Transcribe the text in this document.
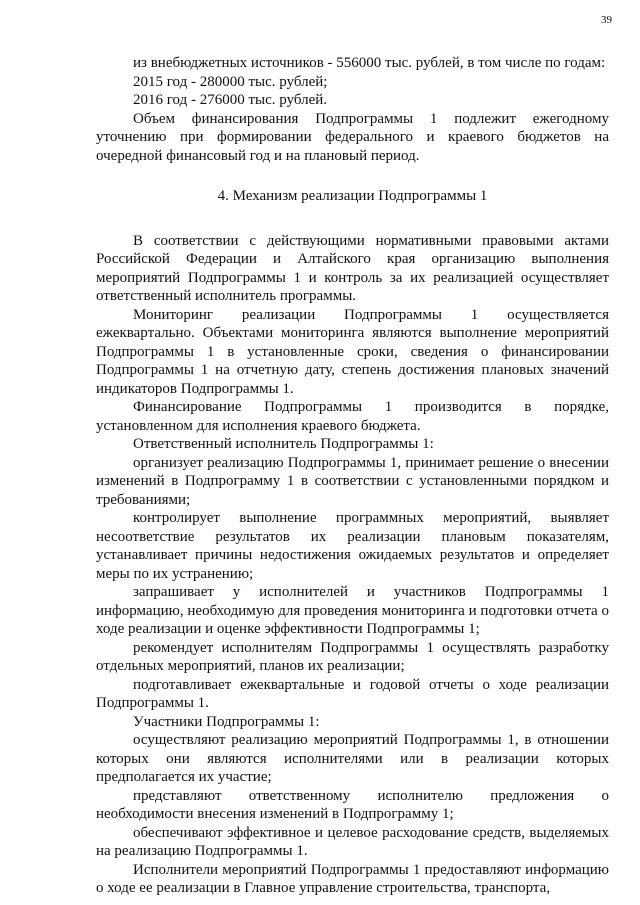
39

из внебюджетных источников - 556000 тыс. рублей, в том числе по годам:

2015 год - 280000 тыс. рублей;

2016 год - 276000 тыс. рублей.

Объем финансирования Подпрограммы 1 подлежит ежегодному уточнению при формировании федерального и краевого бюджетов на очередной финансовый год и на плановый период.

4. Механизм реализации Подпрограммы 1

В соответствии с действующими нормативными правовыми актами Российской Федерации и Алтайского края организацию выполнения мероприятий Подпрограммы 1 и контроль за их реализацией осуществляет ответственный исполнитель программы.

Мониторинг реализации Подпрограммы 1 осуществляется ежеквартально. Объектами мониторинга являются выполнение мероприятий Подпрограммы 1 в установленные сроки, сведения о финансировании Подпрограммы 1 на отчетную дату, степень достижения плановых значений индикаторов Подпрограммы 1.

Финансирование Подпрограммы 1 производится в порядке, установленном для исполнения краевого бюджета.

Ответственный исполнитель Подпрограммы 1:

организует реализацию Подпрограммы 1, принимает решение о внесении изменений в Подпрограмму 1 в соответствии с установленными порядком и требованиями;

контролирует выполнение программных мероприятий, выявляет несоответствие результатов их реализации плановым показателям, устанавливает причины недостижения ожидаемых результатов и определяет меры по их устранению;

запрашивает у исполнителей и участников Подпрограммы 1 информацию, необходимую для проведения мониторинга и подготовки отчета о ходе реализации и оценке эффективности Подпрограммы 1;

рекомендует исполнителям Подпрограммы 1 осуществлять разработку отдельных мероприятий, планов их реализации;

подготавливает ежеквартальные и годовой отчеты о ходе реализации Подпрограммы 1.

Участники Подпрограммы 1:

осуществляют реализацию мероприятий Подпрограммы 1, в отношении которых они являются исполнителями или в реализации которых предполагается их участие;

представляют ответственному исполнителю предложения о необходимости внесения изменений в Подпрограмму 1;

обеспечивают эффективное и целевое расходование средств, выделяемых на реализацию Подпрограммы 1.

Исполнители мероприятий Подпрограммы 1 предоставляют информацию о ходе ее реализации в Главное управление строительства, транспорта,
